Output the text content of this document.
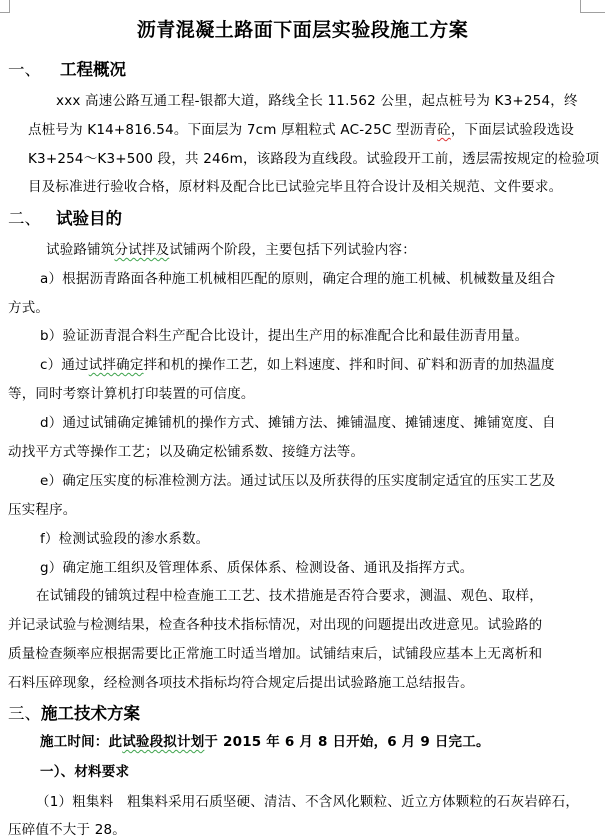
沥青混凝土路面下面层实验段施工方案
一、 工程概况
xxx 高速公路互通工程-银都大道，路线全长 11.562 公里，起点桩号为 K3+254，终
点桩号为 K14+816.54。下面层为 7cm 厚粗粒式 AC-25C 型沥青砼，下面层试验段选设
K3+254～K3+500 段，共 246m，该路段为直线段。试验段开工前，透层需按规定的检验项
目及标准进行验收合格，原材料及配合比已试验完毕且符合设计及相关规范、文件要求。
二、 试验目的
试验路铺筑分试拌及试铺两个阶段，主要包括下列试验内容：
a）根据沥青路面各种施工机械相匹配的原则，确定合理的施工机械、机械数量及组合
方式。
b）验证沥青混合料生产配合比设计，提出生产用的标准配合比和最佳沥青用量。
c）通过试拌确定拌和机的操作工艺，如上料速度、拌和时间、矿料和沥青的加热温度
等，同时考察计算机打印装置的可信度。
d）通过试铺确定摊铺机的操作方式、摊铺方法、摊铺温度、摊铺速度、摊铺宽度、自
动找平方式等操作工艺；以及确定松铺系数、接缝方法等。
e）确定压实度的标准检测方法。通过试压以及所获得的压实度制定适宜的压实工艺及
压实程序。
f）检测试验段的渗水系数。
g）确定施工组织及管理体系、质保体系、检测设备、通讯及指挥方式。
在试铺段的铺筑过程中检查施工工艺、技术措施是否符合要求，测温、观色、取样，
并记录试验与检测结果，检查各种技术指标情况，对出现的问题提出改进意见。试验路的
质量检查频率应根据需要比正常施工时适当增加。试铺结束后，试铺段应基本上无离析和
石料压碎现象，经检测各项技术指标均符合规定后提出试验路施工总结报告。
三、施工技术方案
施工时间：此试验段拟计划于 2015 年 6 月 8 日开始，6 月 9 日完工。
一）、材料要求
（1）粗集料　粗集料采用石质坚硬、清洁、不含风化颗粒、近立方体颗粒的石灰岩碎石，
压碎值不大于 28。
